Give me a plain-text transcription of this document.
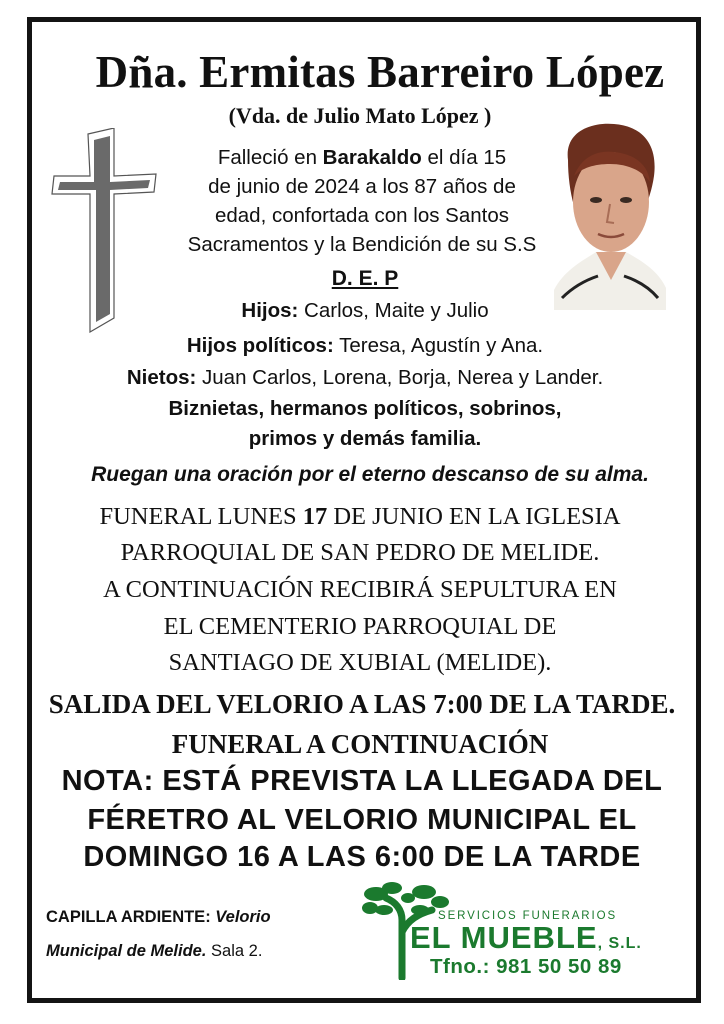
Dña. Ermitas Barreiro López
(Vda. de Julio Mato López )
Falleció en Barakaldo el día 15
de junio de 2024 a los 87 años de
edad, confortada con los Santos
Sacramentos y la Bendición de su S.S
D. E. P
Hijos: Carlos, Maite y Julio
Hijos políticos: Teresa, Agustín y Ana.
Nietos: Juan Carlos, Lorena, Borja, Nerea y Lander.
Biznietas, hermanos políticos, sobrinos,
primos y demás familia.
Ruegan una oración por el eterno descanso de su alma.
FUNERAL LUNES 17 DE JUNIO EN LA IGLESIA
PARROQUIAL DE SAN PEDRO DE MELIDE.
A CONTINUACIÓN RECIBIRÁ SEPULTURA EN
EL CEMENTERIO PARROQUIAL DE
SANTIAGO DE XUBIAL (MELIDE).
SALIDA DEL VELORIO A LAS 7:00 DE LA TARDE.
FUNERAL A CONTINUACIÓN
NOTA: ESTÁ PREVISTA LA LLEGADA DEL
FÉRETRO AL VELORIO MUNICIPAL EL
DOMINGO 16 A LAS 6:00 DE LA TARDE
CAPILLA ARDIENTE: Velorio
Municipal de Melide. Sala 2.
SERVICIOS FUNERARIOS
EL MUEBLE, S.L.
Tfno.: 981 50 50 89
